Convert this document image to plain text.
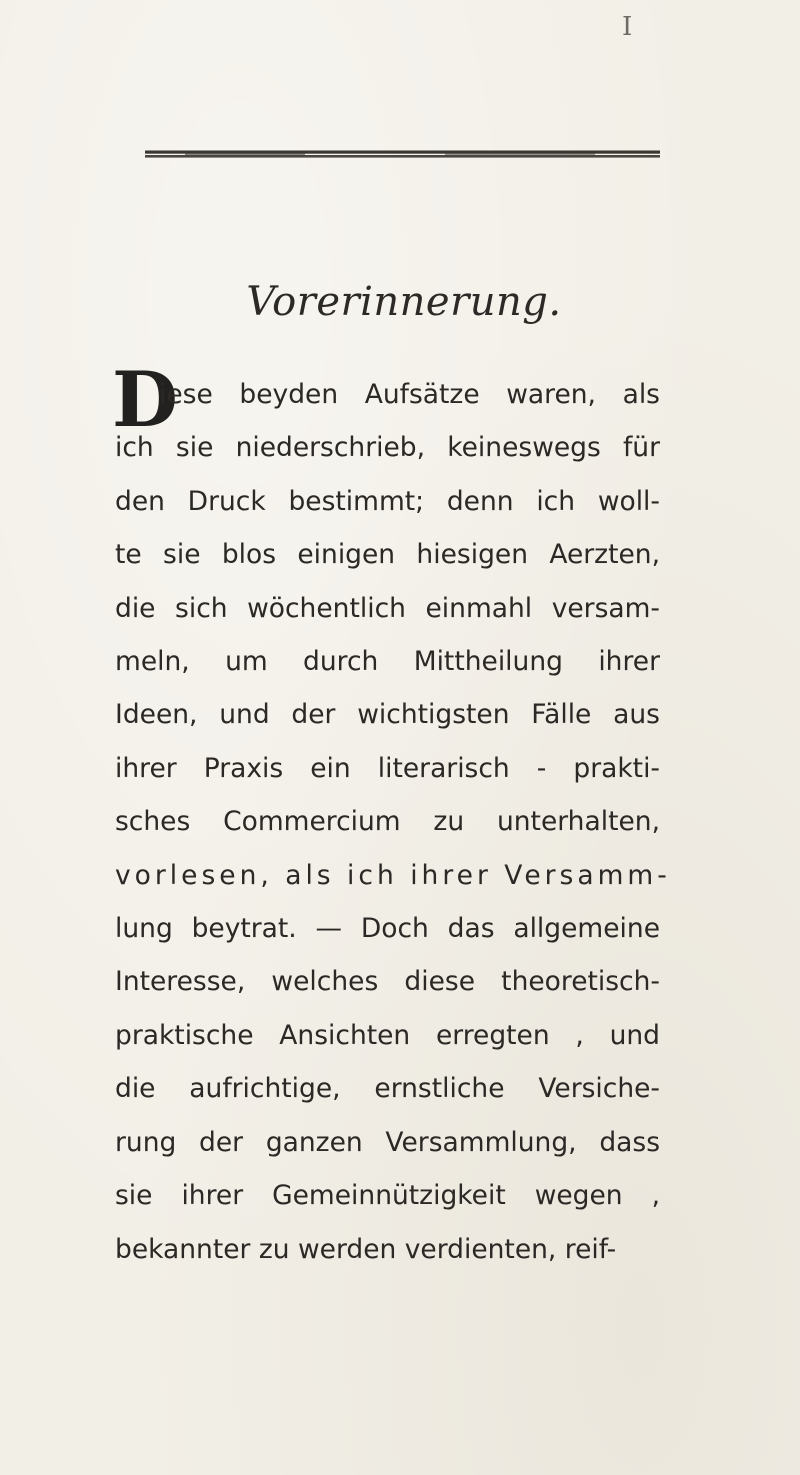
I
Vorerinnerung.
D
iese beyden Aufsätze waren, als
ich sie niederschrieb, keineswegs für
den Druck bestimmt; denn ich woll-
te sie blos einigen hiesigen Aerzten,
die sich wöchentlich einmahl versam-
meln, um durch Mittheilung ihrer
Ideen, und der wichtigsten Fälle aus
ihrer Praxis ein literarisch - prakti-
sches Commercium zu unterhalten,
vorlesen, als ich ihrer Versamm-
lung beytrat. — Doch das allgemeine
Interesse, welches diese theoretisch-
praktische Ansichten erregten , und
die aufrichtige, ernstliche Versiche-
rung der ganzen Versammlung, dass
sie ihrer Gemeinnützigkeit wegen ,
bekannter zu werden verdienten, reif-
